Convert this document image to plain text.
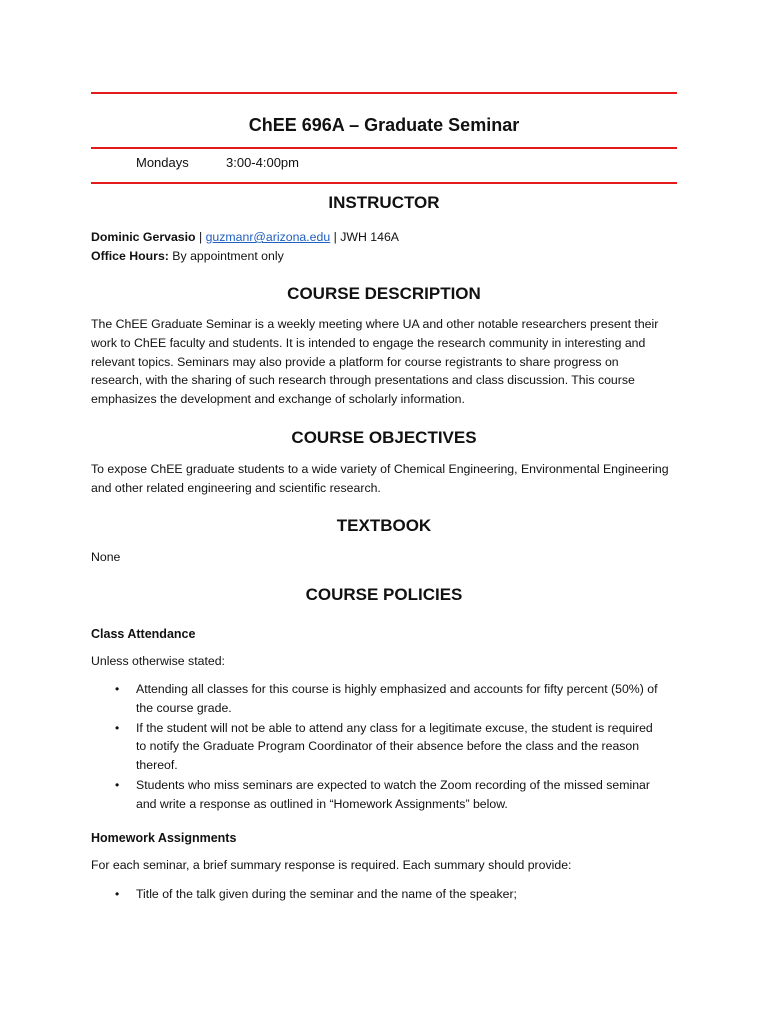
ChEE 696A – Graduate Seminar
Mondays	3:00-4:00pm
INSTRUCTOR
Dominic Gervasio | guzmanr@arizona.edu | JWH 146A
Office Hours: By appointment only
COURSE DESCRIPTION
The ChEE Graduate Seminar is a weekly meeting where UA and other notable researchers present their
work to ChEE faculty and students. It is intended to engage the research community in interesting and
relevant topics. Seminars may also provide a platform for course registrants to share progress on
research, with the sharing of such research through presentations and class discussion. This course
emphasizes the development and exchange of scholarly information.
COURSE OBJECTIVES
To expose ChEE graduate students to a wide variety of Chemical Engineering, Environmental Engineering
and other related engineering and scientific research.
TEXTBOOK
None
COURSE POLICIES
Class Attendance
Unless otherwise stated:
• Attending all classes for this course is highly emphasized and accounts for fifty percent (50%) of
the course grade.
• If the student will not be able to attend any class for a legitimate excuse, the student is required
to notify the Graduate Program Coordinator of their absence before the class and the reason
thereof.
• Students who miss seminars are expected to watch the Zoom recording of the missed seminar
and write a response as outlined in “Homework Assignments” below.
Homework Assignments
For each seminar, a brief summary response is required. Each summary should provide:
• Title of the talk given during the seminar and the name of the speaker;
